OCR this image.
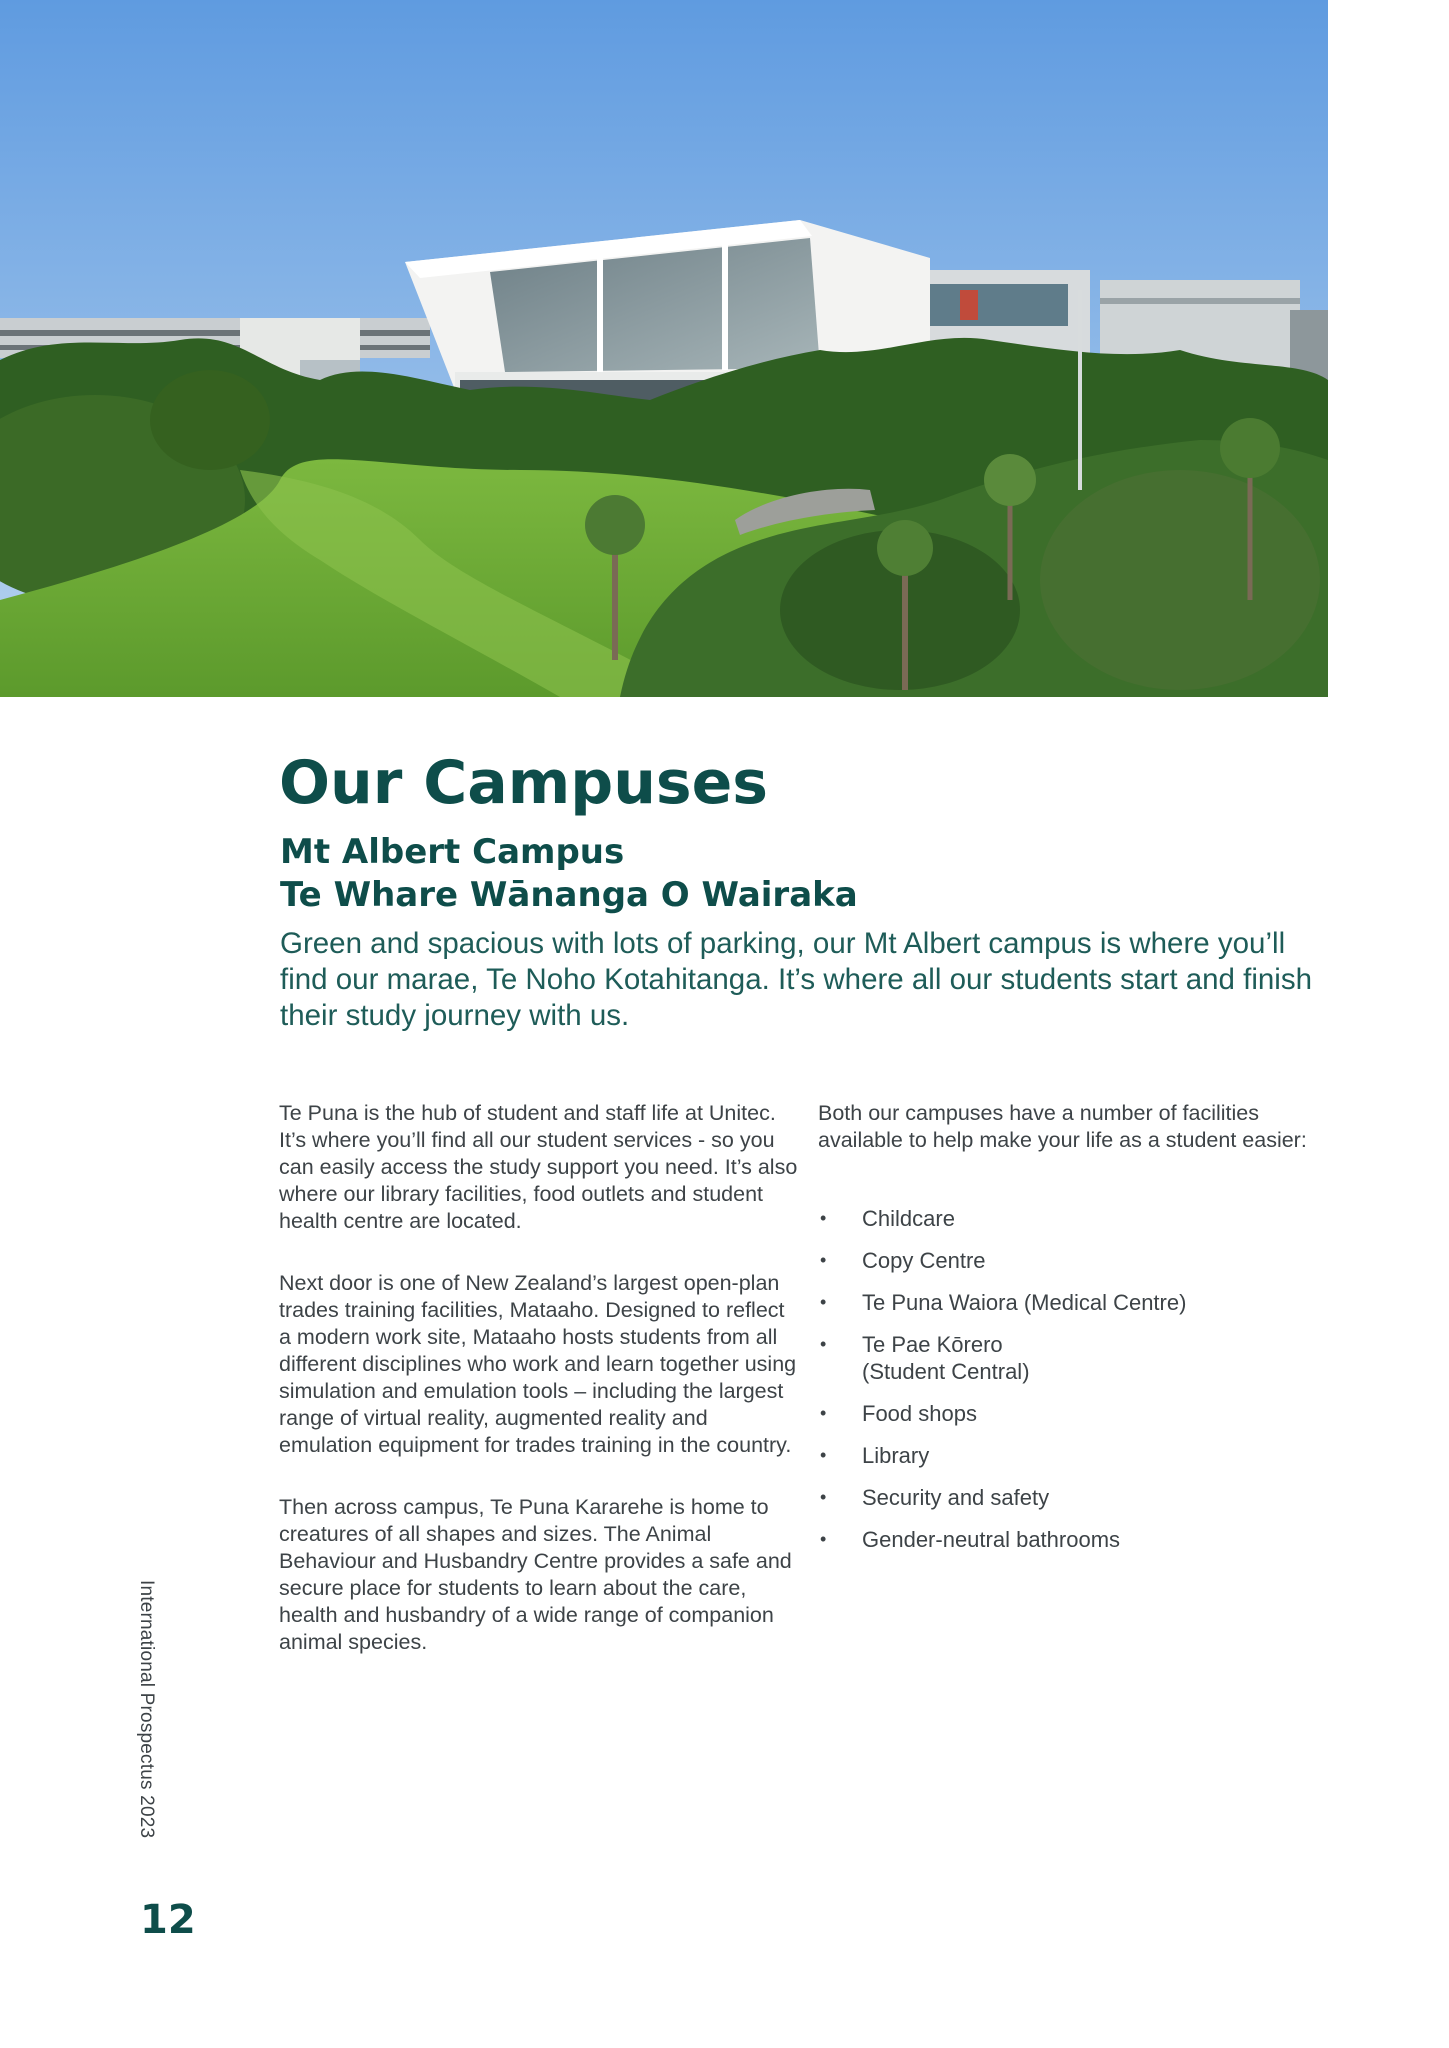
Our Campuses
Mt Albert Campus
Te Whare Wānanga O Wairaka

Green and spacious with lots of parking, our Mt Albert campus is where you’ll find our marae, Te Noho Kotahitanga. It’s where all our students start and finish their study journey with us.

Te Puna is the hub of student and staff life at Unitec. It’s where you’ll find all our student services - so you can easily access the study support you need. It’s also where our library facilities, food outlets and student health centre are located.

Next door is one of New Zealand’s largest open-plan trades training facilities, Mataaho. Designed to reflect a modern work site, Mataaho hosts students from all different disciplines who work and learn together using simulation and emulation tools – including the largest range of virtual reality, augmented reality and emulation equipment for trades training in the country.

Then across campus, Te Puna Kararehe is home to creatures of all shapes and sizes. The Animal Behaviour and Husbandry Centre provides a safe and secure place for students to learn about the care, health and husbandry of a wide range of companion animal species.

Both our campuses have a number of facilities available to help make your life as a student easier:

• Childcare
• Copy Centre
• Te Puna Waiora (Medical Centre)
• Te Pae Kōrero (Student Central)
• Food shops
• Library
• Security and safety
• Gender-neutral bathrooms
International Prospectus 2023
12
